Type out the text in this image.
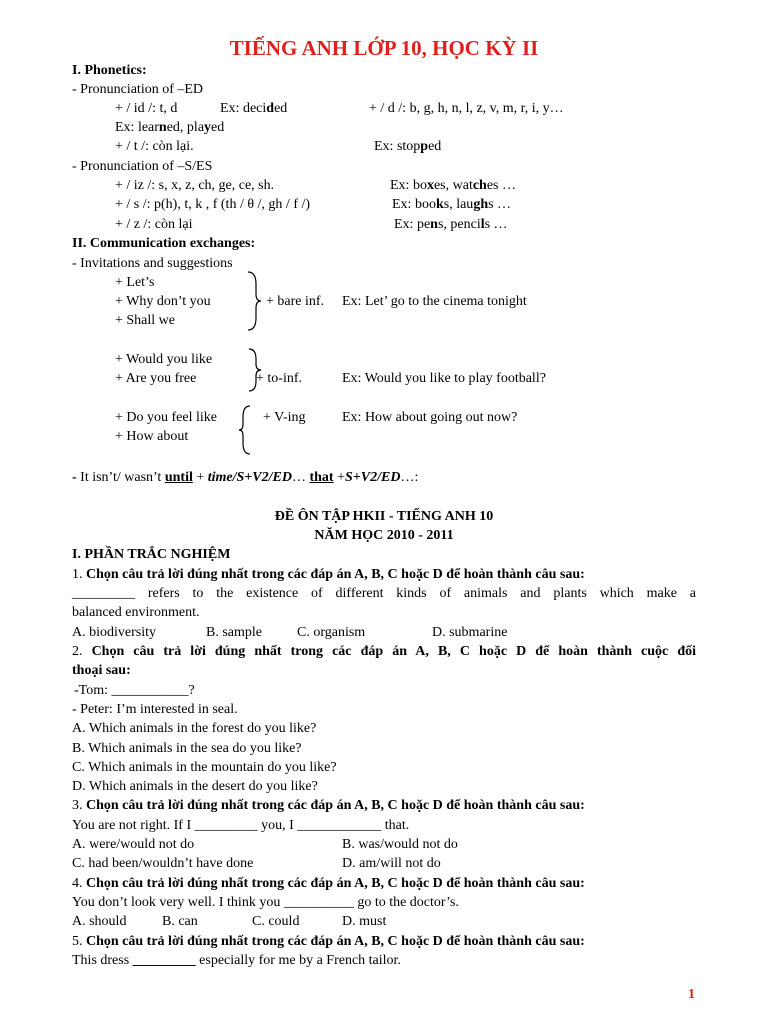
TIẾNG ANH LỚP 10, HỌC KỲ II
I. Phonetics:
- Pronunciation of –ED
+ / id /: t, d	Ex: decided	+ / d /: b, g, h, n, l, z, v, m, r, i, y…
Ex: learned, played
+ / t /: còn lại.	Ex: stopped
- Pronunciation of –S/ES
+ / iz /: s, x, z, ch, ge, ce, sh.	Ex: boxes, watches …
+ / s /: p(h), t, k , f (th / θ /, gh / f /)	Ex: books, laughs …
+ / z /: còn lại	Ex: pens, pencils …
II. Communication exchanges:
- Invitations and suggestions
+ Let’s
+ Why don’t you
+ Shall we
+ bare inf. Ex: Let’ go to the cinema tonight
+ Would you like
+ Are you free	+ to-inf.	Ex: Would you like to play football?
+ Do you feel like
+ How about
+ V-ing	Ex: How about going out now?
- It isn’t/ wasn’t until + time/S+V2/ED… that +S+V2/ED…:
ĐỀ ÔN TẬP HKII - TIẾNG ANH 10
NĂM HỌC 2010 - 2011
I. PHẦN TRẮC NGHIỆM
1. Chọn câu trả lời đúng nhất trong các đáp án A, B, C hoặc D để hoàn thành câu sau:
_________ refers to the existence of different kinds of animals and plants which make a
balanced environment.
A. biodiversity	B. sample	C. organism	D. submarine
2. Chọn câu trả lời đúng nhất trong các đáp án A, B, C hoặc D để hoàn thành cuộc đối
thoại sau:
-Tom: ___________?
- Peter: I’m interested in seal.
A. Which animals in the forest do you like?
B. Which animals in the sea do you like?
C. Which animals in the mountain do you like?
D. Which animals in the desert do you like?
3. Chọn câu trả lời đúng nhất trong các đáp án A, B, C hoặc D để hoàn thành câu sau:
You are not right. If I _________ you, I ____________ that.
A. were/would not do	B. was/would not do
C. had been/wouldn’t have done	D. am/will not do
4. Chọn câu trả lời đúng nhất trong các đáp án A, B, C hoặc D để hoàn thành câu sau:
You don’t look very well. I think you __________ go to the doctor’s.
A. should	B. can	C. could	D. must
5. Chọn câu trả lời đúng nhất trong các đáp án A, B, C hoặc D để hoàn thành câu sau:
This dress _________ especially for me by a French tailor.
1
